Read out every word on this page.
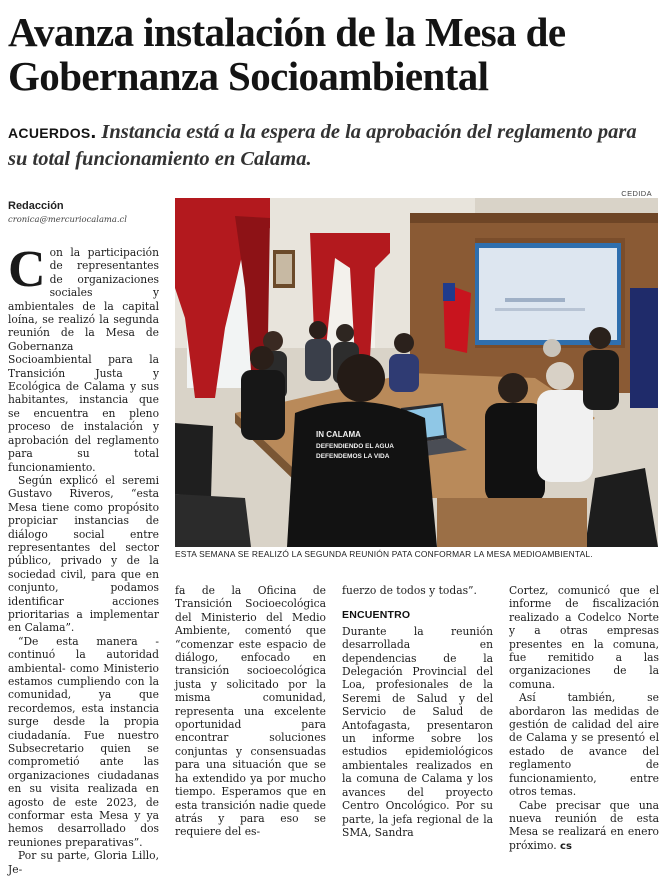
Avanza instalación de la Mesa de Gobernanza Socioambiental
ACUERDOS. Instancia está a la espera de la aprobación del reglamento para su total funcionamiento en Calama.
CEDIDA
Redacción
cronica@mercuriocalama.cl

Con la participación de representantes de organizaciones sociales y ambientales de la capital loína, se realizó la segunda reunión de la Mesa de Gobernanza Socioambiental para la Transición Justa y Ecológica de Calama y sus habitantes, instancia que se encuentra en pleno proceso de instalación y aprobación del reglamento para su total funcionamiento.

Según explicó el seremi Gustavo Riveros, “esta Mesa tiene como propósito propiciar instancias de diálogo social entre representantes del sector público, privado y de la sociedad civil, para que en conjunto, podamos identificar acciones prioritarias a implementar en Calama”.

“De esta manera -continuó la autoridad ambiental- como Ministerio estamos cumpliendo con la comunidad, ya que recordemos, esta instancia surge desde la propia ciudadanía. Fue nuestro Subsecretario quien se comprometió ante las organizaciones ciudadanas en su visita realizada en agosto de este 2023, de conformar esta Mesa y ya hemos desarrollado dos reuniones preparativas”.

Por su parte, Gloria Lillo, Je-

IN CALAMA
DEFENDIENDO EL AGUA
DEFENDEMOS LA VIDA
ESTA SEMANA SE REALIZÓ LA SEGUNDA REUNIÓN PATA CONFORMAR LA MESA MEDIOAMBIENTAL.

fa de la Oficina de Transición Socioecológica del Ministerio del Medio Ambiente, comentó que “comenzar este espacio de diálogo, enfocado en transición socioecológica justa y solicitado por la misma comunidad, representa una excelente oportunidad para encontrar soluciones conjuntas y consensuadas para una situación que se ha extendido ya por mucho tiempo. Esperamos que en esta transición nadie quede atrás y para eso se requiere del es-

fuerzo de todos y todas”.

ENCUENTRO

Durante la reunión desarrollada en dependencias de la Delegación Provincial del Loa, profesionales de la Seremi de Salud y del Servicio de Salud de Antofagasta, presentaron un informe sobre los estudios epidemiológicos ambientales realizados en la comuna de Calama y los avances del proyecto Centro Oncológico. Por su parte, la jefa regional de la SMA, Sandra

Cortez, comunicó que el informe de fiscalización realizado a Codelco Norte y a otras empresas presentes en la comuna, fue remitido a las organizaciones de la comuna.

Así también, se abordaron las medidas de gestión de calidad del aire de Calama y se presentó el estado de avance del reglamento de funcionamiento, entre otros temas.

Cabe precisar que una nueva reunión de esta Mesa se realizará en enero próximo. cs
